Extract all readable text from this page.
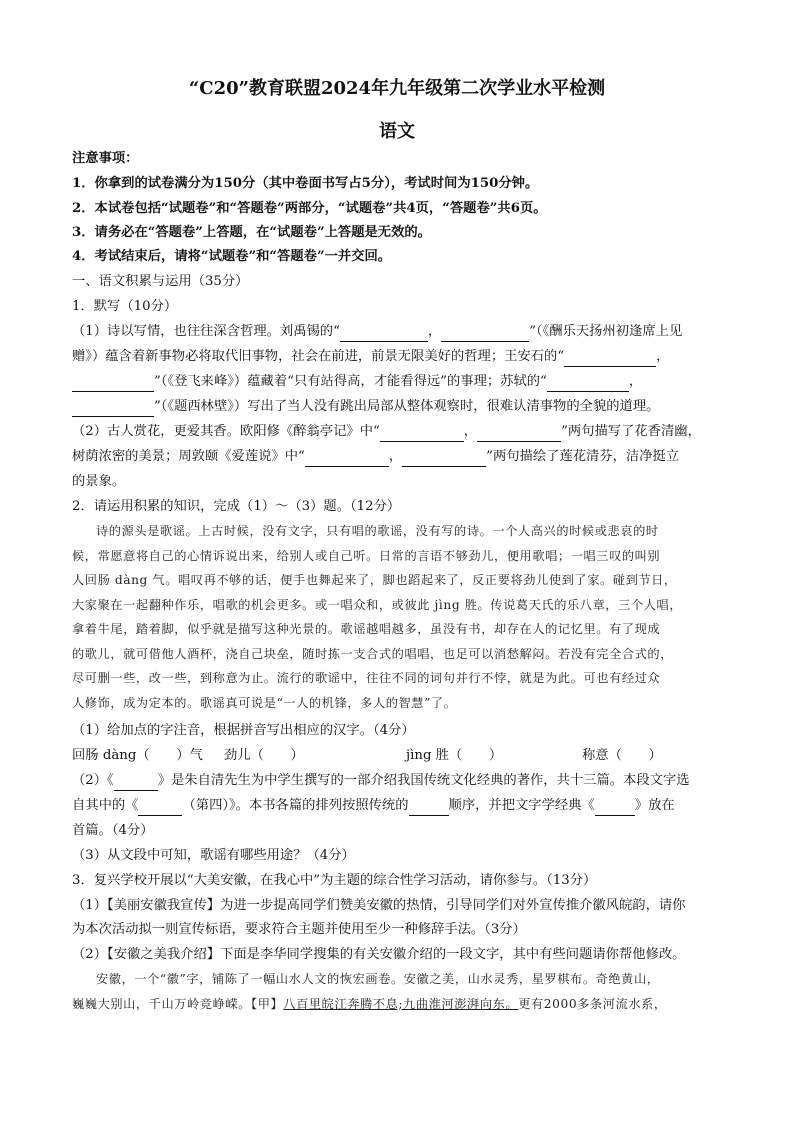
“C20”教育联盟2024年九年级第二次学业水平检测
语文
注意事项：
1．你拿到的试卷满分为150分（其中卷面书写占5分），考试时间为150分钟。
2．本试卷包括“试题卷”和“答题卷”两部分，“试题卷”共4页，“答题卷”共6页。
3．请务必在“答题卷”上答题，在“试题卷”上答题是无效的。
4．考试结束后，请将“试题卷”和“答题卷”一并交回。
一、语文积累与运用（35分）
1．默写（10分）
（1）诗以写情，也往往深含哲理。刘禹锡的“	，	”（《酬乐天扬州初逢席上见
赠》）蕴含着新事物必将取代旧事物，社会在前进，前景无限美好的哲理；王安石的“	，
”（《登飞来峰》）蕴藏着“只有站得高，才能看得远”的事理；苏轼的“	，
”（《题西林壁》）写出了当人没有跳出局部从整体观察时，很难认清事物的全貌的道理。
（2）古人赏花，更爱其香。欧阳修《醉翁亭记》中“	，	”两句描写了花香清幽，
树荫浓密的美景；周敦颐《爱莲说》中“	，	”两句描绘了莲花清芬，洁净挺立
的景象。
2．请运用积累的知识，完成（1）～（3）题。（12分）

诗的源头是歌谣。上古时候，没有文字，只有唱的歌谣，没有写的诗。一个人高兴的时候或悲哀的时

候，常愿意将自己的心情诉说出来，给别人或自己听。日常的言语不够劲儿，便用歌唱；一唱三叹的叫别

人回肠 dàng 气。唱叹再不够的话，便手也舞起来了，脚也蹈起来了，反正要将劲儿使到了家。碰到节日，

大家聚在一起翻种作乐，唱歌的机会更多。或一唱众和，或彼此 jìng 胜。传说葛天氏的乐八章，三个人唱，

拿着牛尾，踏着脚，似乎就是描写这种光景的。歌谣越唱越多，虽没有书，却存在人的记忆里。有了现成

的歌儿，就可借他人酒杯，浇自己块垒，随时拣一支合式的唱唱，也足可以消愁解闷。若没有完全合式的，

尽可删一些，改一些，到称意为止。流行的歌谣中，往往不同的词句并行不悖，就是为此。可也有经过众

人修饰，成为定本的。歌谣真可说是“一人的机锋，多人的智慧”了。

（1）给加点的字注音，根据拼音写出相应的汉字。（4分）
回肠 dàng（　　）气 劲儿（　　）	jìng 胜（　　）	称意（　　）
（2）《	》是朱自清先生为中学生撰写的一部介绍我国传统文化经典的著作，共十三篇。本段文字选
自其中的《	（第四）》。本书各篇的排列按照传统的	顺序，并把文字学经典《	》放在
首篇。（4分）
（3）从文段中可知，歌谣有哪些用途？（4分）
3．复兴学校开展以“大美安徽，在我心中”为主题的综合性学习活动，请你参与。（13分）
（1）【美丽安徽我宣传】为进一步提高同学们赞美安徽的热情，引导同学们对外宣传推介徽风皖韵，请你
为本次活动拟一则宣传标语，要求符合主题并使用至少一种修辞手法。（3分）
（2）【安徽之美我介绍】下面是李华同学搜集的有关安徽介绍的一段文字，其中有些问题请你帮他修改。

安徽，一个“徽”字，铺陈了一幅山水人文的恢宏画卷。安徽之美，山水灵秀，星罗棋布。奇绝黄山，

巍巍大别山，千山万岭竞峥嵘。【甲】八百里皖江奔腾不息;九曲淮河澎湃向东。更有2000多条河流水系，
